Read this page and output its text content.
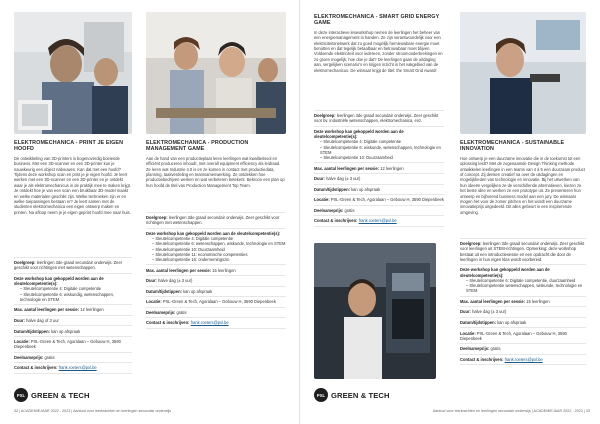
ELEKTROMECHANICA - PRINT JE EIGEN HOOFD
De ontwikkeling van 3D-printers is bogenoverdig boeiende business. Met een 3D-scanner en een 3D-printer kun je nauwkeurig een object nabouwen. Kan dat met een hoofd? Tijdens deze workshop scan en print je je eigen hoofd. Je leert werken met een 3D-scanner en een 3D-printer en je ontdekt waar je als elektromechanicus in de praktijk mee te maken krijgt. Je ontdekt hoe je van een scan een bruikbaar 3D-model maakt en welke materialen geschikt zijn. Welke technieken zijn er en welke toepassingen bestaan er? Je leert samen met de studenten elektromechanica een eigen ontwerp maken en printen. Na afloop neem je je eigen geprint hoofd mee naar huis.
Doelgroep: leerlingen 3de graad secundair onderwijs. Zeer geschikt voor richtingen met wetenschappen.
Deze workshop kan gekoppeld worden aan de sleutelcompetentie(s):
– Sleutelcompetentie 4: Digitale competentie
– Sleutelcompetentie 6: wiskundig, wetenschappen, technologie en STEM
Max. aantal leerlingen per sessie: 12 leerlingen
Duur: halve dag of 3 uur
Datum/tijdstippen: kan op afspraak
Locatie: PXL-Green & Tech, Agoralaan – Gebouw H, 3590 Diepenbeek
Deelnameprijs: gratis
Contact & inschrijven: frank.roeters@pxl.be
ELEKTROMECHANICA - PRODUCTION MANAGEMENT GAME
Aan de hand van een productieplaat leren leerlingen wat kwaliteitsvol en efficiënt produceren inhoudt, met overall equipment efficiency als leidraad. Ze leren wat Industrie 4.0 is en ze komen in contact met productiedata, planning, taakverdeling en teamsamenwerking. Ze ontdekken hoe productiebedrijven werken en wat verbeteren betekent. Bekroon een plan op hun hoofd de titel van Production Management Top Team.
Doelgroep: leerlingen 3de graad secundair onderwijs. Zeer geschikt voor richtingen met wetenschappen.
Deze workshop kan gekoppeld worden aan de sleutelcompetentie(s):
– Sleutelcompetentie 4: Digitale competentie
– Sleutelcompetentie 6: wetenschappen, wiskunde, technologie en STEM
– Sleutelcompetentie 10: Duurzaamheid
– Sleutelcompetentie 11: economische competenties
– Sleutelcompetentie 16: ondernemingszin
Max. aantal leerlingen per sessie: 15 leerlingen
Duur: halve dag (± 3 uur)
Datum/tijdstippen: kan op afspraak
Locatie: PXL-Green & Tech, Agoralaan – Gebouw H, 3590 Diepenbeek
Deelnameprijs: gratis
Contact & inschrijven: frank.roeters@pxl.be
PXL GREEN & TECH
32 | ACADEMIEJAAR 2022 - 2023 | Aanbod voor leerkrachten en leerlingen secundair onderwijs
ELEKTROMECHANICA - SMART GRID ENERGY GAME
In deze interactieve lesworkshop nemen de leerlingen het beheer van een energiemanagement in handen. Ze zijn verantwoordelijk voor een elektriciteitsnetwerk dat zo goed mogelijk hernieuwbare energie moet benutten en dat tegelijk betaalbaar en betrouwbaar moet blijven. Voldoende elektriciteit voor iedereen, zonder stroomonderbrekingen en zo groen mogelijk: hoe doe je dat? De leerlingen gaan de uitdaging aan, vergelijken scenario's en krijgen inzicht in het vakgebied van de elektromechanicus. De winnaar krijgt de titel: the Smart Grid Award!
Doelgroep: leerlingen 3de graad secundair onderwijs. Zeer geschikt voor bv. industriële wetenschappen, elektromechanica, enz.
Deze workshop kan gekoppeld worden aan de sleutelcompetentie(s):
– Sleutelcompetentie 4: Digitale competentie
– Sleutelcompetentie 6: wiskunde, wetenschappen, technologie en STEM
– Sleutelcompetentie 10: Duurzaamheid
Max. aantal leerlingen per sessie: 12 leerlingen
Duur: halve dag (± 3 uur)
Datum/tijdstippen: kan op afspraak
Locatie: PXL-Green & Tech, Agoralaan – Gebouw H, 3590 Diepenbeek
Deelnameprijs: gratis
Contact & inschrijven: frank.roeters@pxl.be
ELEKTROMECHANICA - SUSTAINABLE INNOVATION
Hoe ontwerp je een duurzame innovatie die in de toekomst tot een oplossing leidt? Met de zogenaamde Design Thinking methode ontwikkelen leerlingen in een teams van 4 à 5 een duurzaam product of concept. Zij denken creatief na over de uitdagingen en mogelijkheden van technologie en innovatie. Bij het uitwerken van hun ideeën vergelijken ze de verschillende alternatieven, kiezen ze het beste idee en werken ze een prototype uit. Ze presenteren hun ontwerp en bijhorend business model aan een jury. De winnaars mogen het voor de zomer pitchen en het wordt een duurzame innovatieprijs uitgedeeld. Dit alles gebeurt in een inspirerende omgeving.
Doelgroep: leerlingen 3de graad secundair onderwijs. Zeer geschikt voor leerlingen uit STEM-richtingen. Opmerking: deze workshop bestaat uit een introductiesessie en een opdracht die door de leerlingen in hun eigen klas wordt voorbereid.
Deze workshop kan gekoppeld worden aan de sleutelcompetentie(s):
– Sleutelcompetentie 6: Digitale competentie, duurzaamheid
– Sleutelcompetentie wetenschappen, wiskunde, technologie en STEM
Max. aantal leerlingen per sessie: 15 leerlingen
Duur: halve dag (± 3 uur)
Datum/tijdstippen: kan op afspraak
Locatie: PXL-Green & Tech, Agoralaan – Gebouw H, 3590 Diepenbeek
Deelnameprijs: gratis
Contact & inschrijven: frank.roeters@pxl.be
PXL GREEN & TECH
Aanbod voor leerkrachten en leerlingen secundair onderwijs | ACADEMIEJAAR 2022 - 2023 | 33
